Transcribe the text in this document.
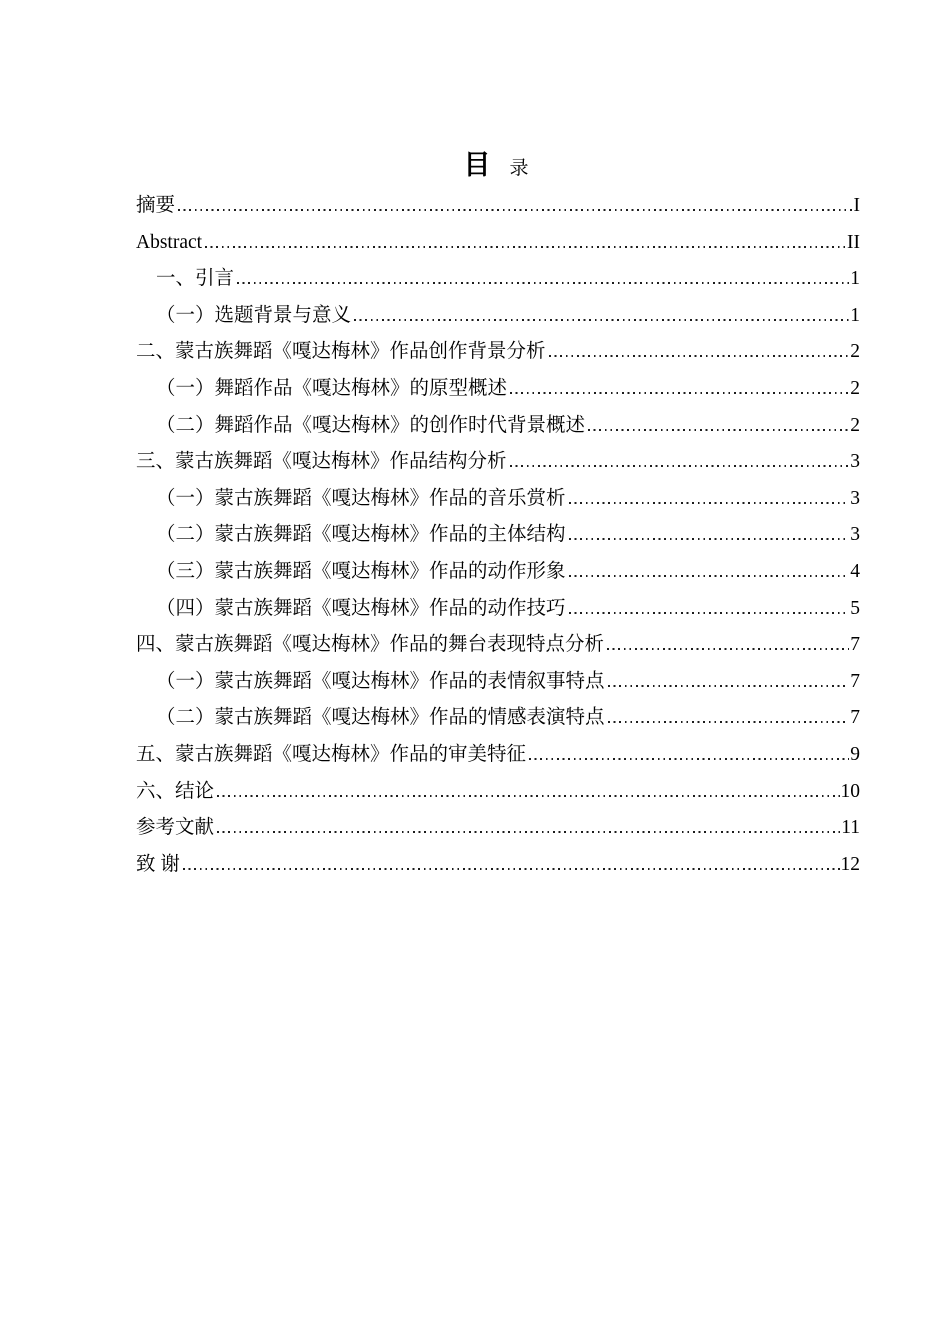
目 录
摘要	I
Abstract	II
一、引言	1
（一）选题背景与意义	1
二、蒙古族舞蹈《嘎达梅林》作品创作背景分析	2
（一）舞蹈作品《嘎达梅林》的原型概述	2
（二）舞蹈作品《嘎达梅林》的创作时代背景概述	2
三、蒙古族舞蹈《嘎达梅林》作品结构分析	3
（一）蒙古族舞蹈《嘎达梅林》作品的音乐赏析	3
（二）蒙古族舞蹈《嘎达梅林》作品的主体结构	3
（三）蒙古族舞蹈《嘎达梅林》作品的动作形象	4
（四）蒙古族舞蹈《嘎达梅林》作品的动作技巧	5
四、蒙古族舞蹈《嘎达梅林》作品的舞台表现特点分析	7
（一）蒙古族舞蹈《嘎达梅林》作品的表情叙事特点	7
（二）蒙古族舞蹈《嘎达梅林》作品的情感表演特点	7
五、蒙古族舞蹈《嘎达梅林》作品的审美特征	9
六、结论	10
参考文献	11
致 谢	12
